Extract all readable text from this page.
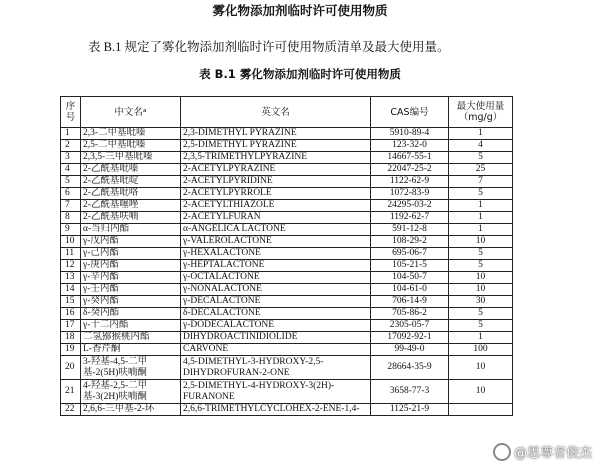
雾化物添加剂临时许可使用物质
表 B.1 规定了雾化物添加剂临时许可使用物质清单及最大使用量。
表 B.1 雾化物添加剂临时许可使用物质
序号	中文名ᵃ	英文名	CAS编号	最大使用量（mg/g）
1	2,3-二甲基吡嗪	2,3-DIMETHYL PYRAZINE	5910-89-4	1
2	2,5-二甲基吡嗪	2,5-DIMETHYL PYRAZINE	123-32-0	4
3	2,3,5-三甲基吡嗪	2,3,5-TRIMETHYLPYRAZINE	14667-55-1	5
4	2-乙酰基吡嗪	2-ACETYLPYRAZINE	22047-25-2	25
5	2-乙酰基吡啶	2-ACETYLPYRIDINE	1122-62-9	7
6	2-乙酰基吡咯	2-ACETYLPYRROLE	1072-83-9	5
7	2-乙酰基噻唑	2-ACETYLTHIAZOLE	24295-03-2	1
8	2-乙酰基呋喃	2-ACETYLFURAN	1192-62-7	1
9	α-当归内酯	α-ANGELICA LACTONE	591-12-8	1
10	γ-戊内酯	γ-VALEROLACTONE	108-29-2	10
11	γ-己内酯	γ-HEXALACTONE	695-06-7	5
12	γ-庚内酯	γ-HEPTALACTONE	105-21-5	5
13	γ-辛内酯	γ-OCTALACTONE	104-50-7	10
14	γ-壬内酯	γ-NONALACTONE	104-61-0	10
15	γ-癸内酯	γ-DECALACTONE	706-14-9	30
16	δ-癸内酯	δ-DECALACTONE	705-86-2	5
17	γ-十二内酯	γ-DODECALACTONE	2305-05-7	5
18	二氢猕猴桃内酯	DIHYDROACTINIDIOLIDE	17092-92-1	1
19	L-香芹酮	CARVONE	99-49-0	100
20	3-羟基-4,5-二甲基-2(5H)呋喃酮	4,5-DIMETHYL-3-HYDROXY-2,5-DIHYDROFURAN-2-ONE	28664-35-9	10
21	4-羟基-2,5-二甲基-3(2H)呋喃酮	2,5-DIMETHYL-4-HYDROXY-3(2H)-FURANONE	3658-77-3	10
22	2,6,6-三甲基-2-环	2,6,6-TRIMETHYLCYCLOHEX-2-ENE-1,4-	1125-21-9	
@思尊者俊杰
